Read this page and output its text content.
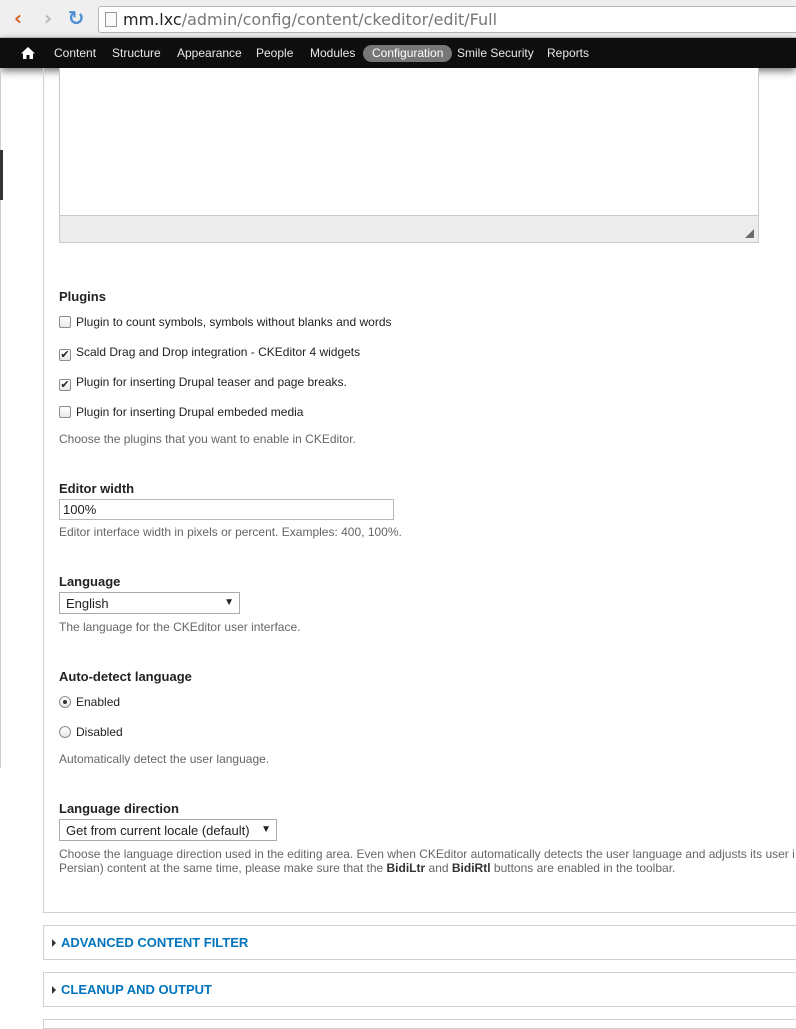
‹ › ↻ mm.lxc/admin/config/content/ckeditor/edit/Full
Content Structure Appearance People Modules	Configuration	Smile Security Reports
Plugins
Plugin to count symbols, symbols without blanks and words
✔ Scald Drag and Drop integration - CKEditor 4 widgets
✔ Plugin for inserting Drupal teaser and page breaks.
Plugin for inserting Drupal embeded media
Choose the plugins that you want to enable in CKEditor.
Editor width
100%
Editor interface width in pixels or percent. Examples: 400, 100%.
Language
English	▼
The language for the CKEditor user interface.
Auto-detect language
Enabled
Disabled
Automatically detect the user language.
Language direction
Get from current locale (default) ▼
Choose the language direction used in the editing area. Even when CKEditor automatically detects the user language and adjusts its user i
Persian) content at the same time, please make sure that the BidiLtr and BidiRtl buttons are enabled in the toolbar.
ADVANCED CONTENT FILTER
CLEANUP AND OUTPUT
